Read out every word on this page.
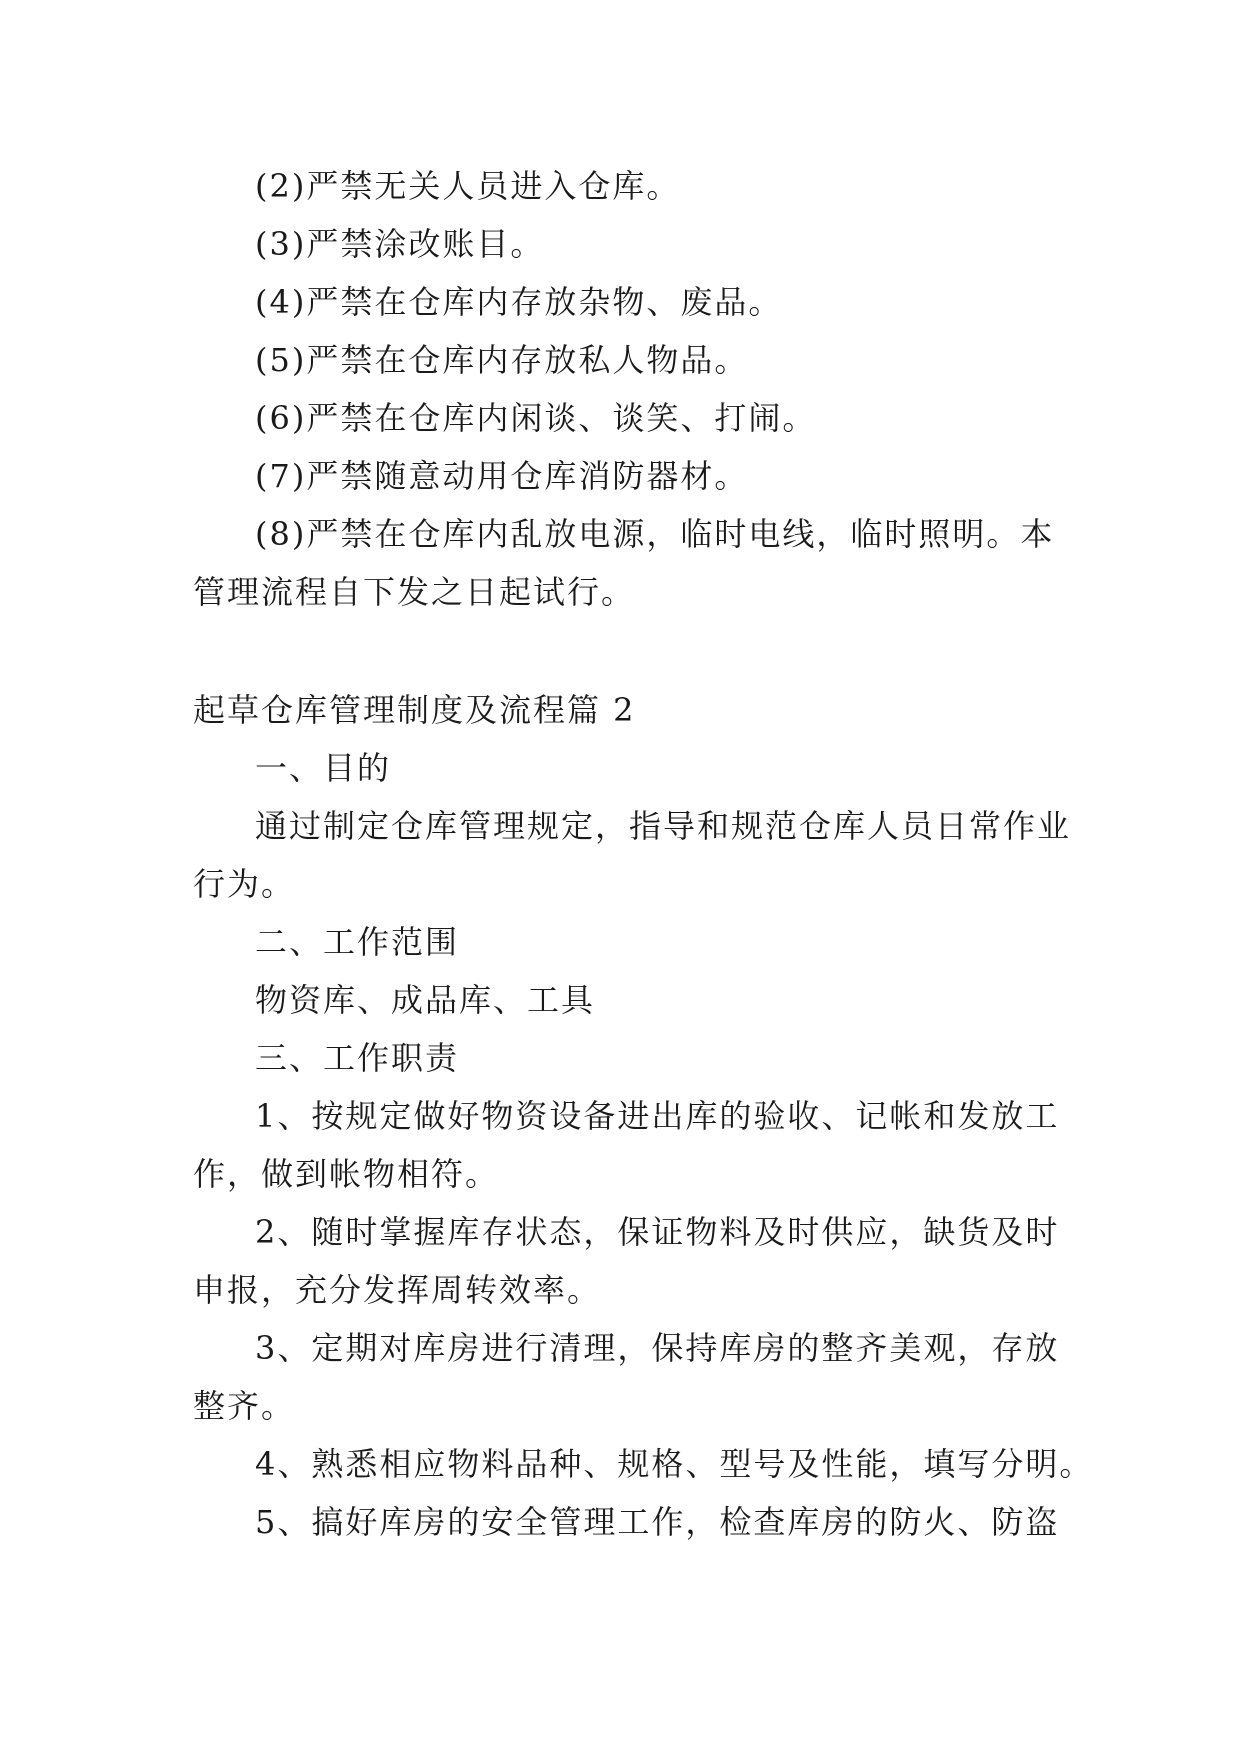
(2)严禁无关人员进入仓库。
(3)严禁涂改账目。
(4)严禁在仓库内存放杂物、废品。
(5)严禁在仓库内存放私人物品。
(6)严禁在仓库内闲谈、谈笑、打闹。
(7)严禁随意动用仓库消防器材。
(8)严禁在仓库内乱放电源，临时电线，临时照明。本
管理流程自下发之日起试行。
起草仓库管理制度及流程篇 2
一、目的
通过制定仓库管理规定，指导和规范仓库人员日常作业
行为。
二、工作范围
物资库、成品库、工具
三、工作职责
1、按规定做好物资设备进出库的验收、记帐和发放工
作，做到帐物相符。
2、随时掌握库存状态，保证物料及时供应，缺货及时
申报，充分发挥周转效率。
3、定期对库房进行清理，保持库房的整齐美观，存放
整齐。
4、熟悉相应物料品种、规格、型号及性能，填写分明。
5、搞好库房的安全管理工作，检查库房的防火、防盗
